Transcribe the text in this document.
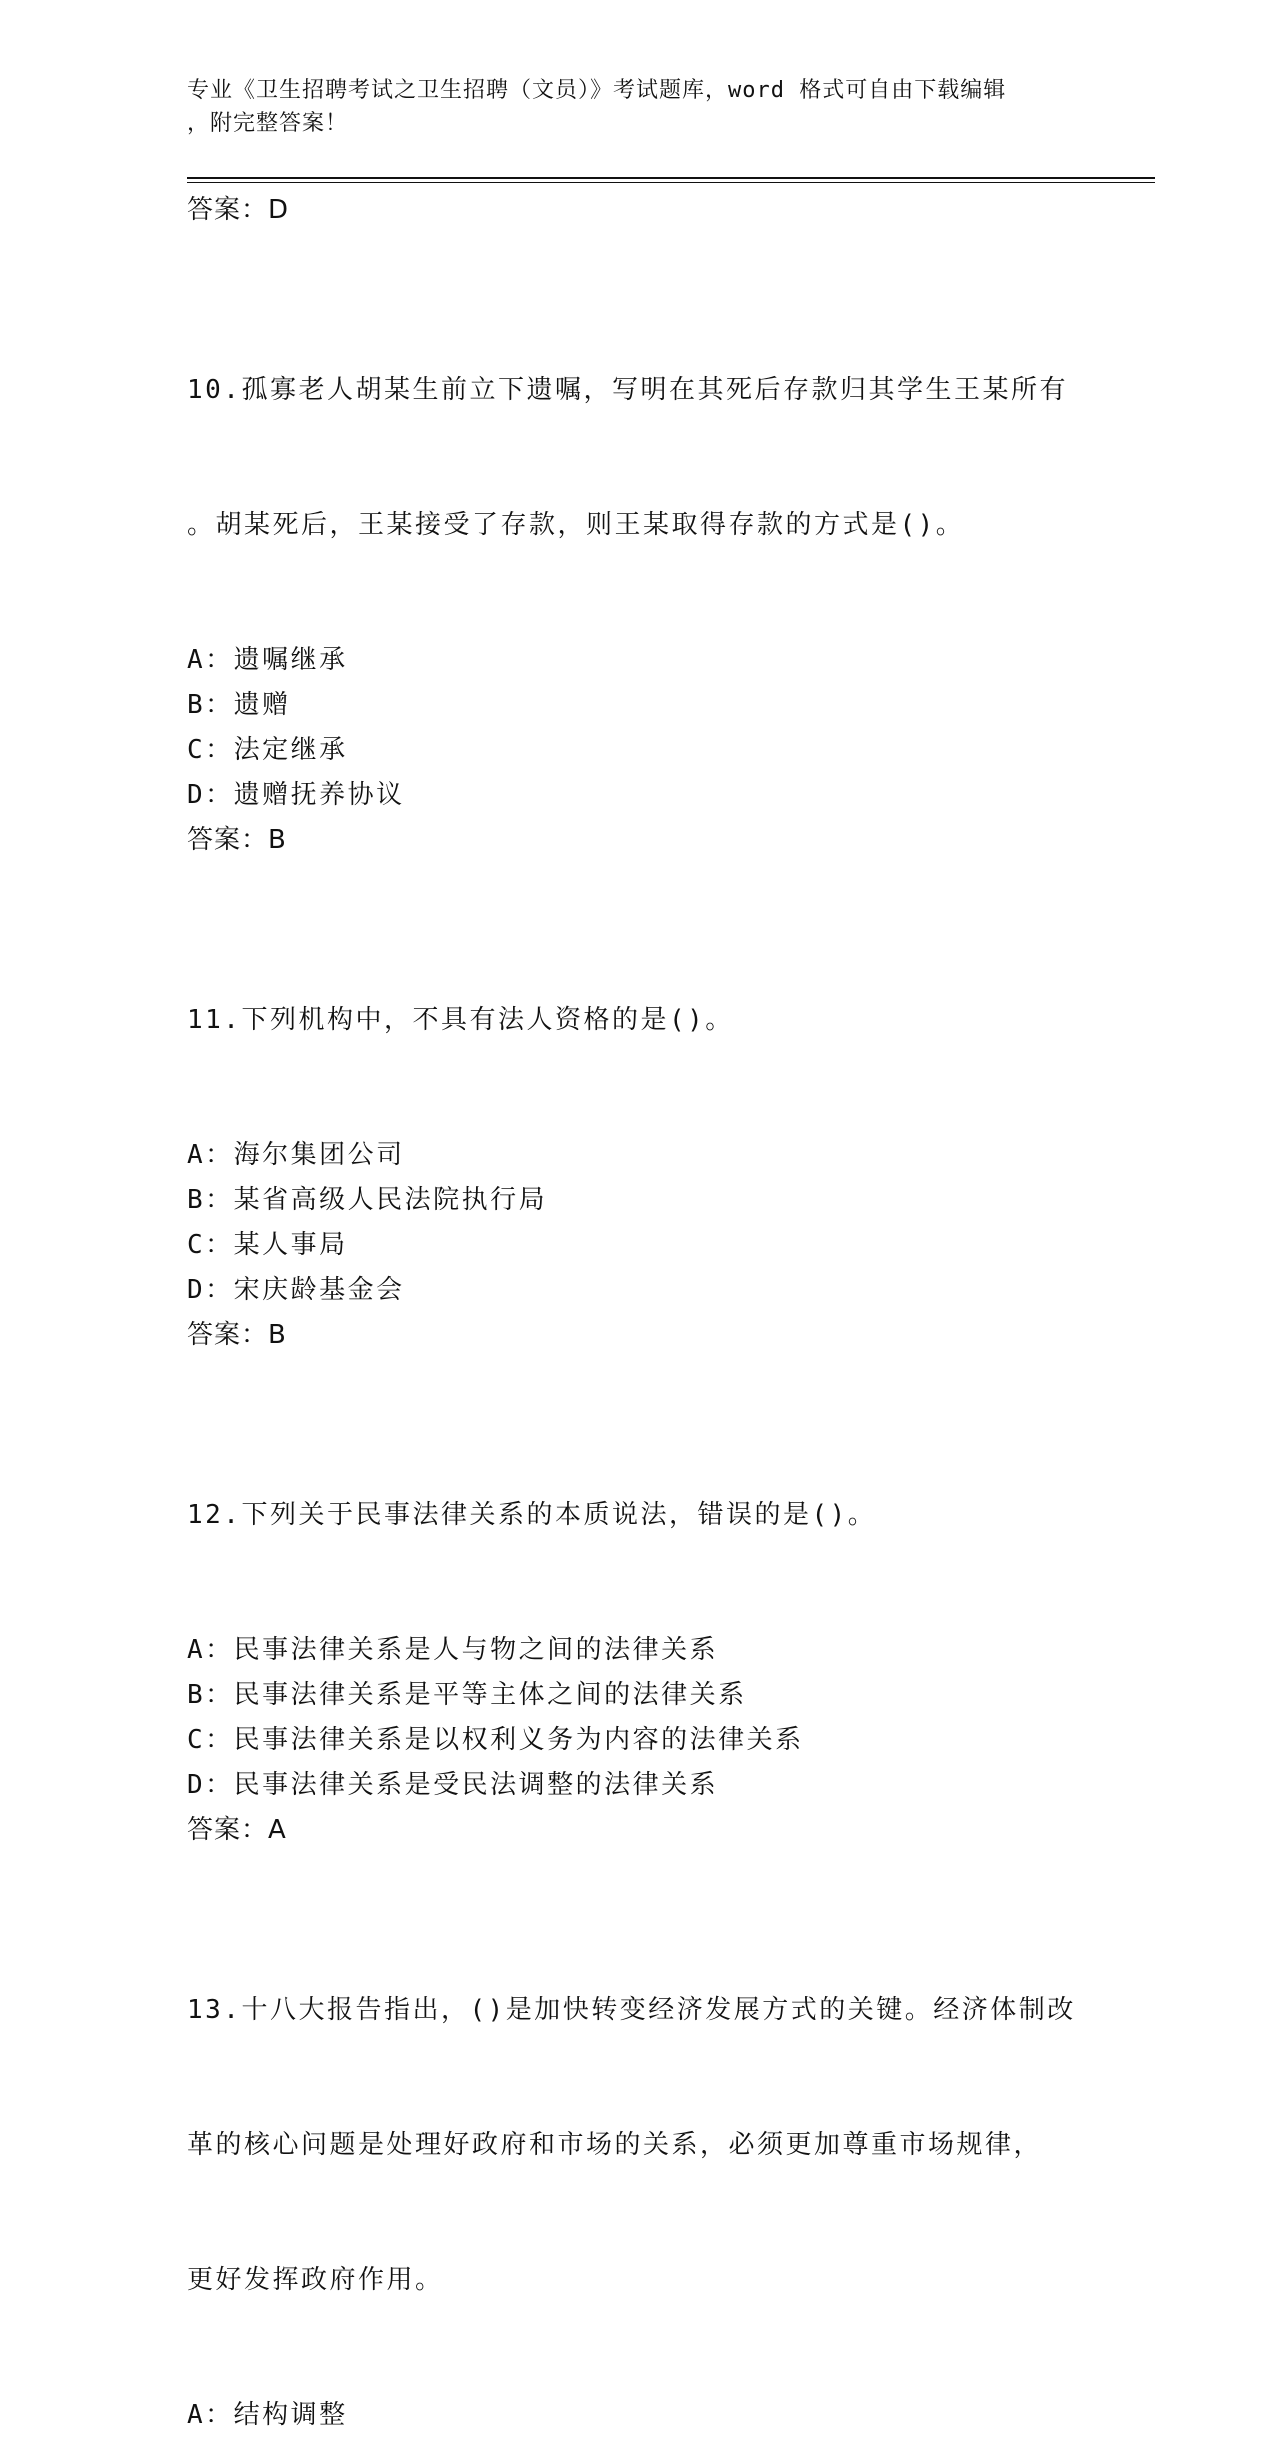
专业《卫生招聘考试之卫生招聘（文员）》考试题库，word 格式可自由下载编辑
，附完整答案！
答案：D

10.孤寡老人胡某生前立下遗嘱，写明在其死后存款归其学生王某所有

。胡某死后，王某接受了存款，则王某取得存款的方式是()。

A：遗嘱继承
B：遗赠
C：法定继承
D：遗赠抚养协议
答案：B

11.下列机构中，不具有法人资格的是()。

A：海尔集团公司
B：某省高级人民法院执行局
C：某人事局
D：宋庆龄基金会
答案：B

12.下列关于民事法律关系的本质说法，错误的是()。

A：民事法律关系是人与物之间的法律关系
B：民事法律关系是平等主体之间的法律关系
C：民事法律关系是以权利义务为内容的法律关系
D：民事法律关系是受民法调整的法律关系
答案：A

13.十八大报告指出，()是加快转变经济发展方式的关键。经济体制改

革的核心问题是处理好政府和市场的关系，必须更加尊重市场规律，

更好发挥政府作用。

A：结构调整
